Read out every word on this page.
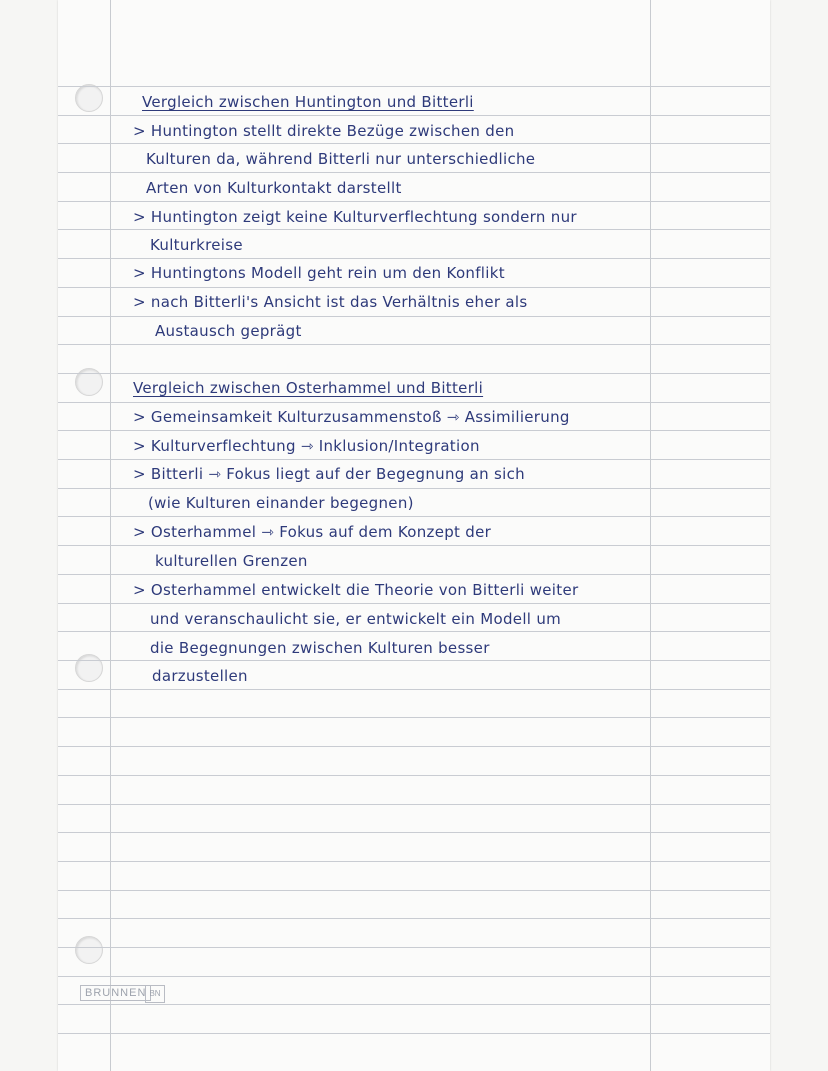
Vergleich zwischen Huntington und Bitterli
> Huntington stellt direkte Bezüge zwischen den
Kulturen da, während Bitterli nur unterschiedliche
Arten von Kulturkontakt darstellt
> Huntington zeigt keine Kulturverflechtung sondern nur
Kulturkreise
> Huntingtons Modell geht rein um den Konflikt
> nach Bitterli's Ansicht ist das Verhältnis eher als
Austausch geprägt
Vergleich zwischen Osterhammel und Bitterli
> Gemeinsamkeit Kulturzusammenstoß ⇾ Assimilierung
> Kulturverflechtung ⇾ Inklusion/Integration
> Bitterli ⇾ Fokus liegt auf der Begegnung an sich
(wie Kulturen einander begegnen)
> Osterhammel ⇾ Fokus auf dem Konzept der
kulturellen Grenzen
> Osterhammel entwickelt die Theorie von Bitterli weiter
und veranschaulicht sie, er entwickelt ein Modell um
die Begegnungen zwischen Kulturen besser
darzustellen
BRUNNEN BN
